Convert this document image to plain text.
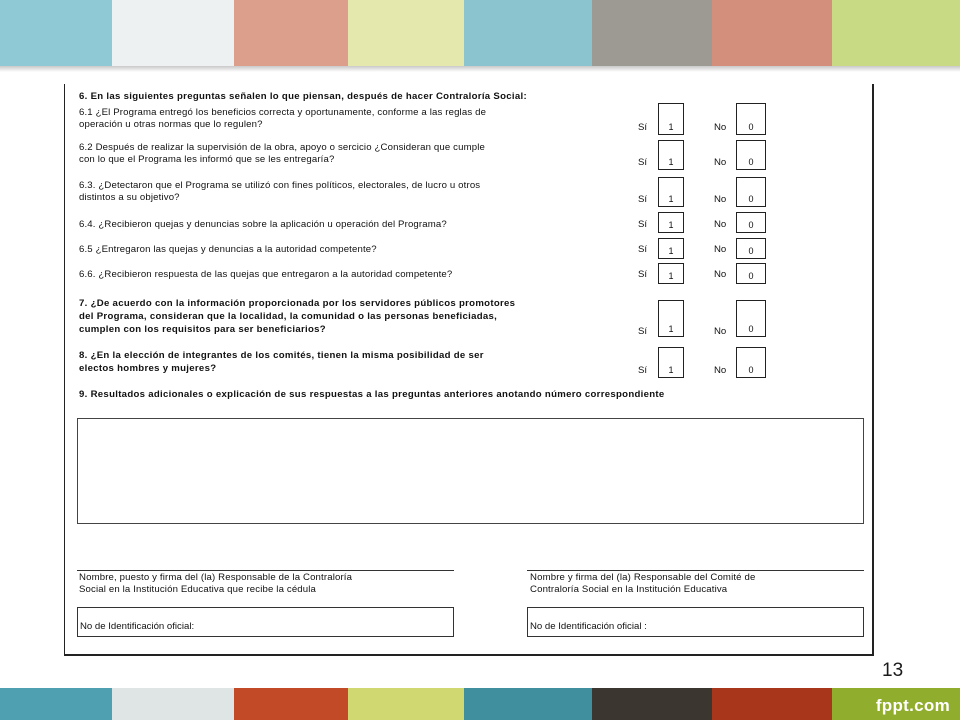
6. En las siguientes preguntas señalen lo que piensan, después de hacer Contraloría Social:
6.1 ¿El Programa entregó los beneficios correcta y oportunamente, conforme a las reglas de
operación u otras normas que lo regulen?	Sí	1	No	0
6.2 Después de realizar la supervisión de la obra, apoyo o sercicio ¿Consideran que cumple
con lo que el Programa les informó que se les entregaría?	Sí	1	No	0
6.3. ¿Detectaron que el Programa se utilizó con fines políticos, electorales, de lucro u otros
distintos a su objetivo?	Sí	1	No	0
6.4. ¿Recibieron quejas y denuncias sobre la aplicación u operación del Programa?	Sí	1	No	0
6.5 ¿Entregaron las quejas y denuncias a la autoridad competente?	Sí	1	No	0
6.6. ¿Recibieron respuesta de las quejas que entregaron a la autoridad competente?	Sí	1	No	0
7. ¿De acuerdo con la información proporcionada por los servidores públicos promotores
del Programa, consideran que la localidad, la comunidad o las personas beneficiadas,
cumplen con los requisitos para ser beneficiarios?	Sí	1	No	0
8. ¿En la elección de integrantes de los comités, tienen la misma posibilidad de ser
electos hombres y mujeres?	Sí	1	No	0
9. Resultados adicionales o explicación de sus respuestas a las preguntas anteriores anotando número correspondiente
Nombre, puesto y firma del (la) Responsable de la Contraloría
Social en la Institución Educativa que recibe la cédula
Nombre y firma del (la) Responsable del Comité de
Contraloría Social en la Institución Educativa
No de Identificación oficial:	No de Identificación oficial :
13
fppt.com
